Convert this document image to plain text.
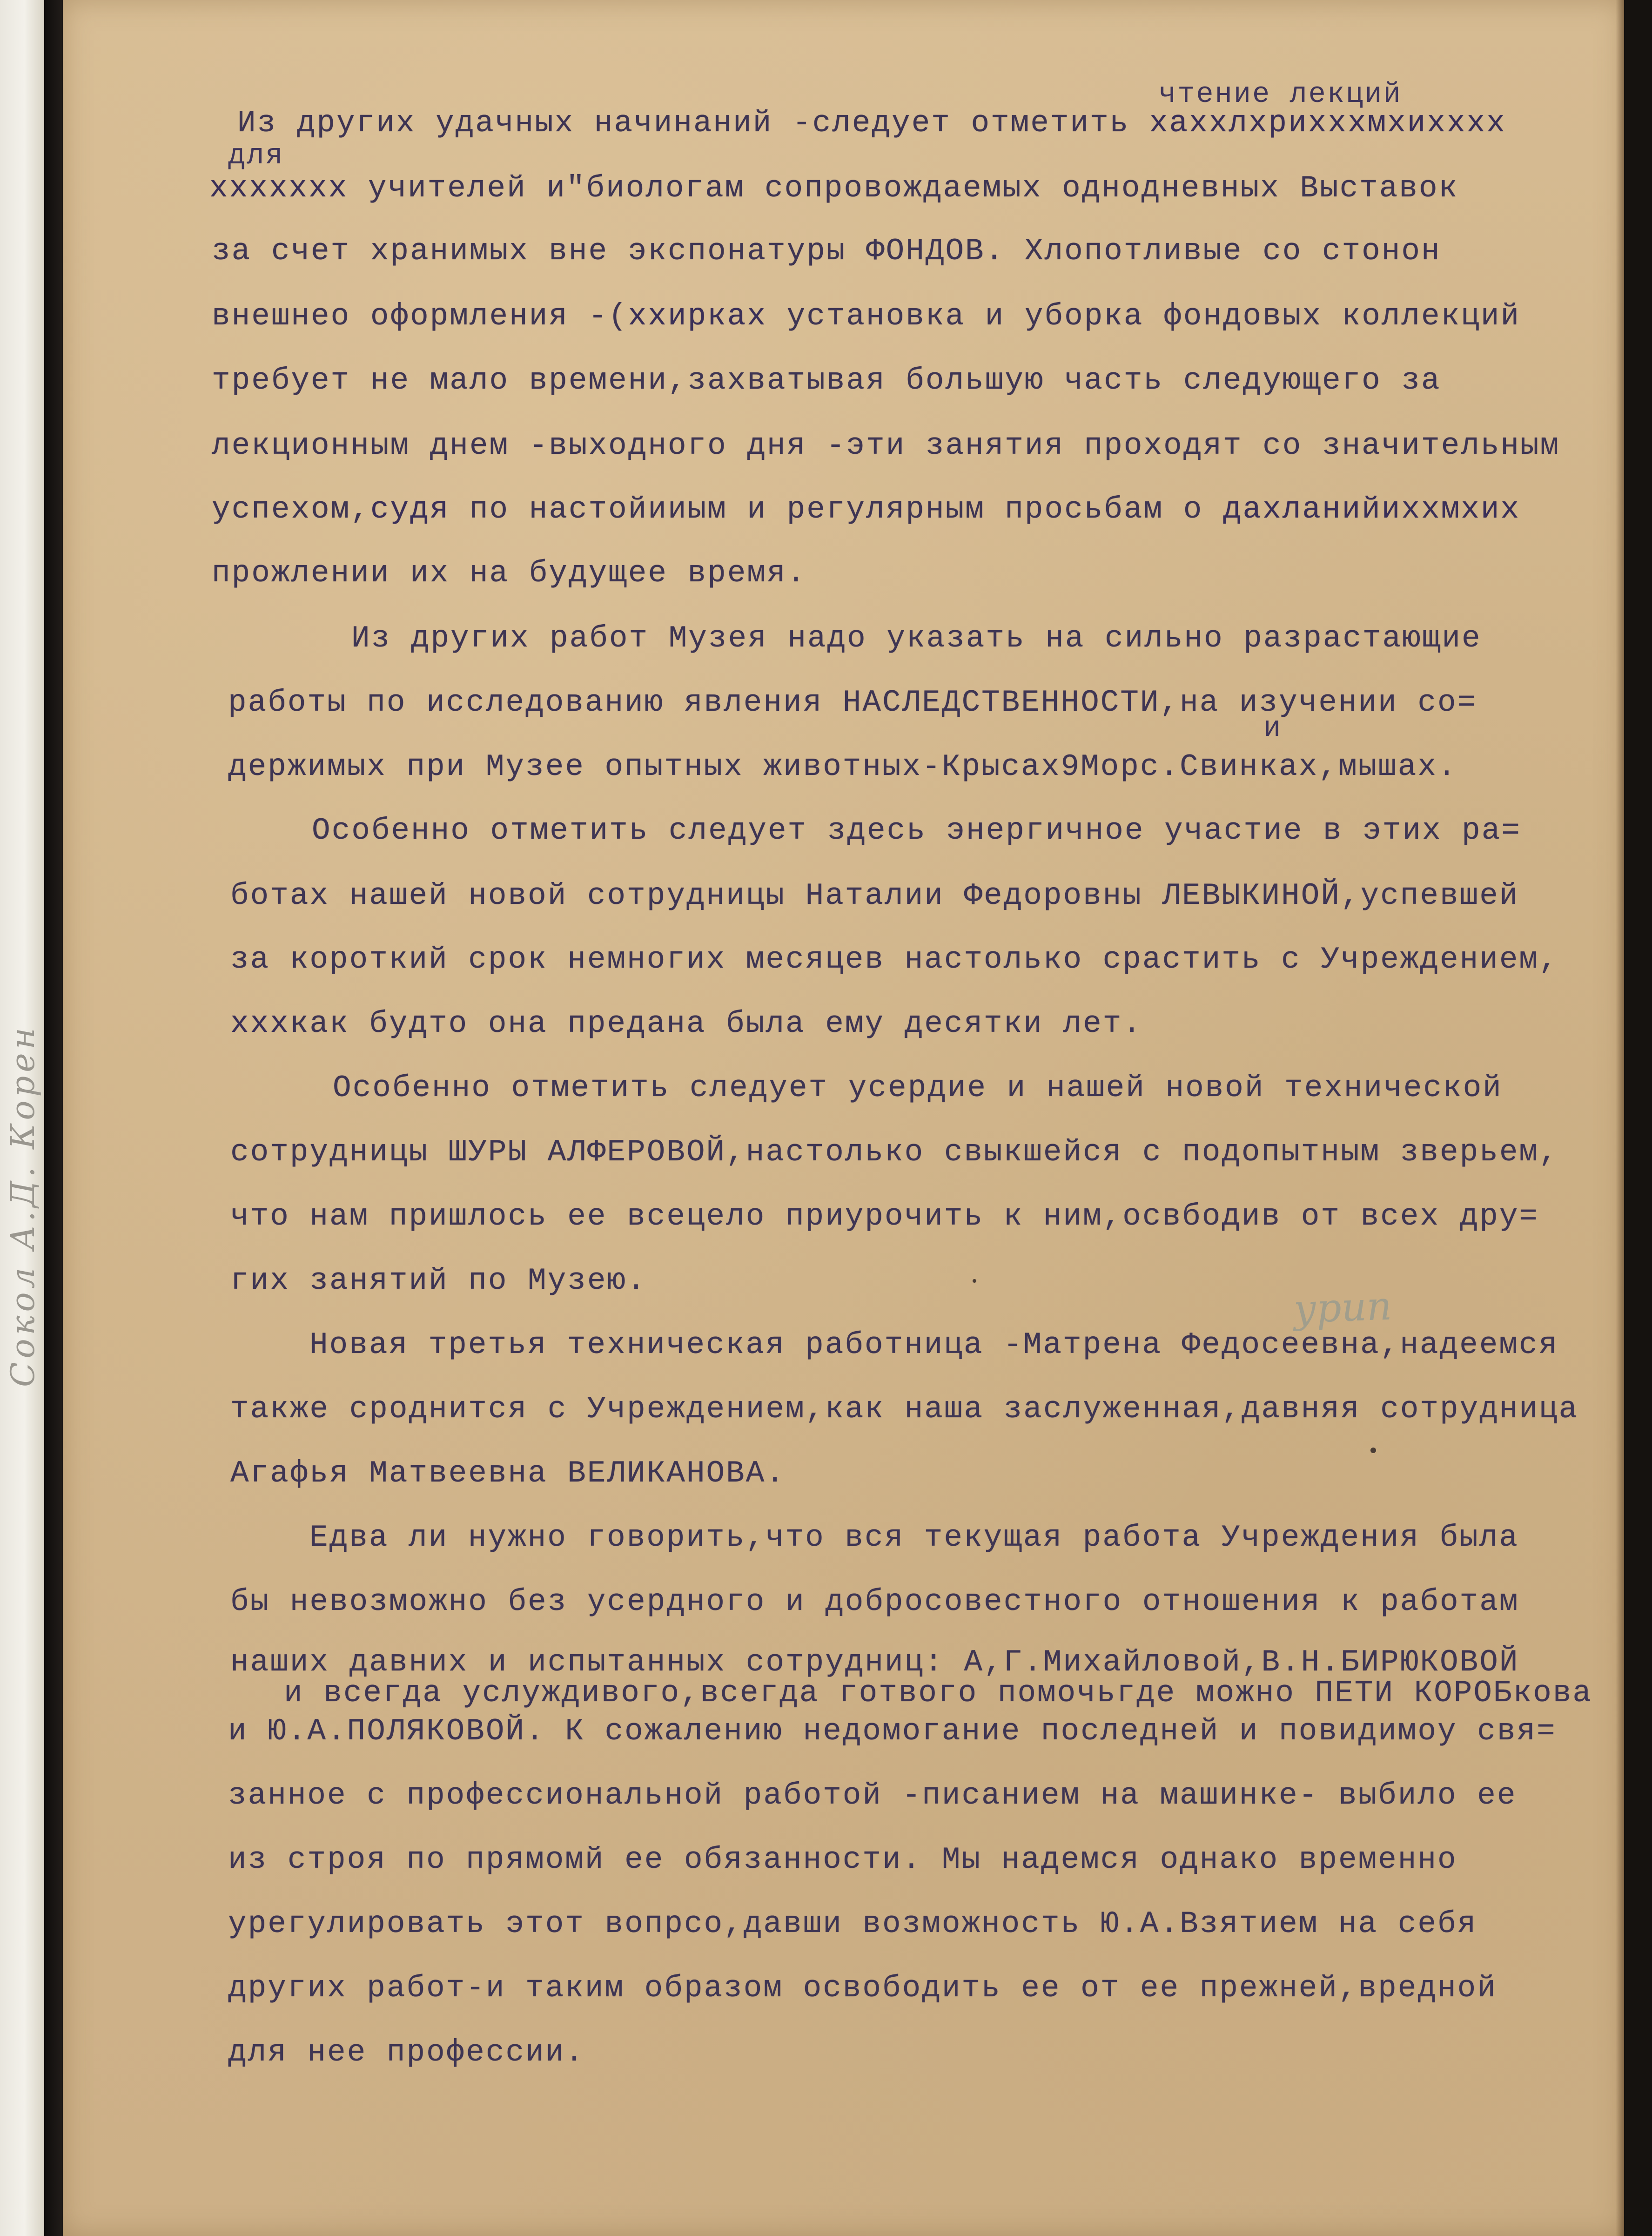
Сокол А.Д. Корен
чтение лекций
для
и
урип
Из других удачных начинаний -следует отметить хаххлхрихххмхихххх
ххххххх учителей и"биологам сопровождаемых однодневных Выставок
за счет хранимых вне экспонатуры ФОНДОВ. Хлопотливые со стонон
внешнео оформления -(ххирках установка и уборка фондовых коллекций
требует не мало времени,захватывая большую часть следующего за
лекционным днем -выходного дня -эти занятия проходят со значительным
успехом,судя по настойииым и регулярным просьбам о дахланийиххмхих
прожлении их на будущее время.
Из других работ Музея надо указать на сильно разрастающие
работы по исследованию явления НАСЛЕДСТВЕННОСТИ,на изучении со=
держимых при Музее опытных животных-Крысах9Морс.Свинках,мышах.
Особенно отметить следует здесь энергичное участие в этих ра=
ботах нашей новой сотрудницы Наталии Федоровны ЛЕВЫКИНОЙ,успевшей
за короткий срок немногих месяцев настолько срастить с Учреждением,
хххкак будто она предана была ему десятки лет.
Особенно отметить следует усердие и нашей новой технической
сотрудницы ШУРЫ АЛФЕРОВОЙ,настолько свыкшейся с подопытным зверьем,
что нам пришлось ее всецело приурочить к ним,освбодив от всех дру=
гих занятий по Музею.
Новая третья техническая работница -Матрена Федосеевна,надеемся
также сроднится с Учреждением,как наша заслуженная,давняя сотрудница
Агафья Матвеевна ВЕЛИКАНОВА.
Едва ли нужно говорить,что вся текущая работа Учреждения была
бы невозможно без усердного и добросовестного отношения к работам
наших давних и испытанных сотрудниц: А,Г.Михайловой,В.Н.БИРЮКОВОЙ
и всегда услуждивого,всегда готвого помочьгде можно ПЕТИ КОРОБкова
и Ю.А.ПОЛЯКОВОЙ. К сожалению недомогание последней и повидимоу свя=
занное с профессиональной работой -писанием на машинке- выбило ее
из строя по прямомй ее обязанности. Мы надемся однако временно
урегулировать этот вопрсо,давши возможность Ю.А.Взятием на себя
других работ-и таким образом освободить ее от ее прежней,вредной
для нее профессии.
